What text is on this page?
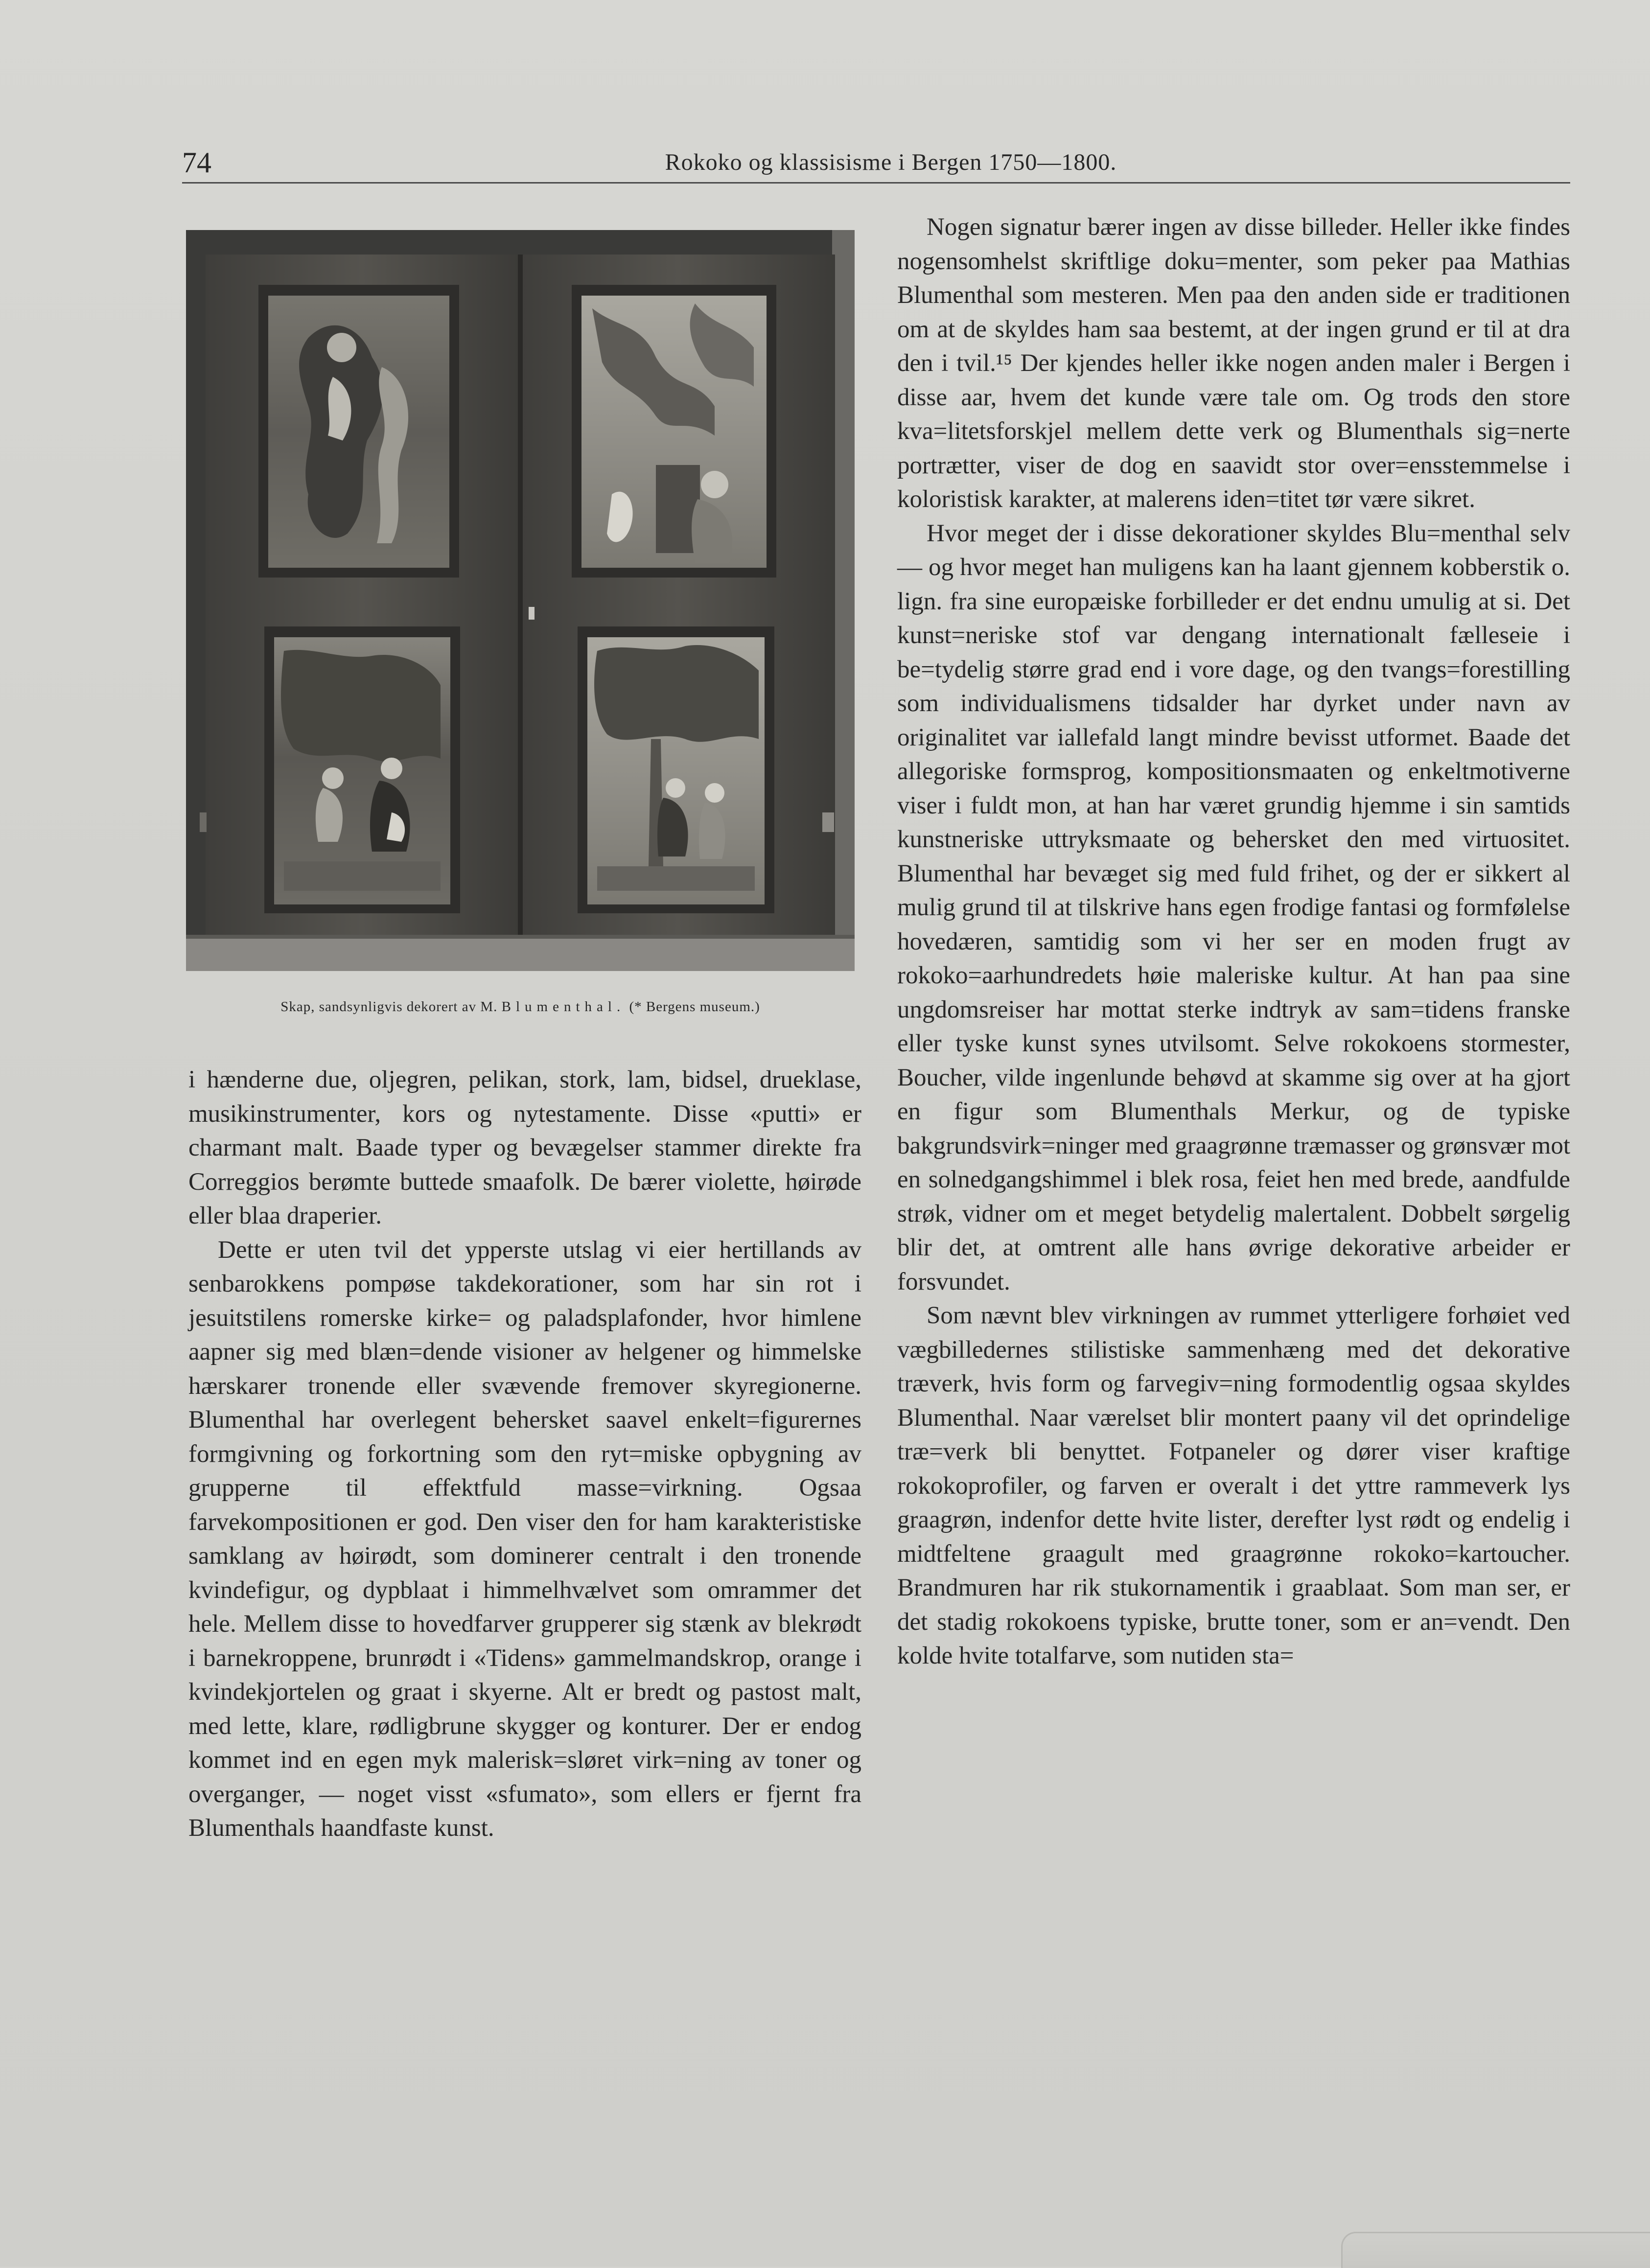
74	Rokoko og klassisisme i Bergen 1750—1800.
Skap, sandsynligvis dekorert av M. Blumenthal. (* Bergens museum.)

i hænderne due, oljegren, pelikan, stork, lam, bidsel, drueklase, musikinstrumenter, kors og nytestamente. Disse «putti» er charmant malt. Baade typer og bevægelser stammer direkte fra Correggios berømte buttede smaafolk. De bærer violette, høirøde eller blaa draperier.

Dette er uten tvil det ypperste utslag vi eier hertillands av senbarokkens pompøse takdekorationer, som har sin rot i jesuitstilens romerske kirke= og paladsplafonder, hvor himlene aapner sig med blæn=dende visioner av helgener og himmelske hærskarer tronende eller svævende fremover skyregionerne. Blumenthal har overlegent behersket saavel enkelt=figurernes formgivning og forkortning som den ryt=miske opbygning av grupperne til effektfuld masse=virkning. Ogsaa farvekompositionen er god. Den viser den for ham karakteristiske samklang av høirødt, som dominerer centralt i den tronende kvindefigur, og dypblaat i himmelhvælvet som omrammer det hele. Mellem disse to hovedfarver grupperer sig stænk av blekrødt i barnekroppene, brunrødt i «Tidens» gammelmandskrop, orange i kvindekjortelen og graat i skyerne. Alt er bredt og pastost malt, med lette, klare, rødligbrune skygger og konturer. Der er endog kommet ind en egen myk malerisk=sløret virk=ning av toner og overganger, — noget visst «sfumato», som ellers er fjernt fra Blumenthals haandfaste kunst.

Nogen signatur bærer ingen av disse billeder. Heller ikke findes nogensomhelst skriftlige doku=menter, som peker paa Mathias Blumenthal som mesteren. Men paa den anden side er traditionen om at de skyldes ham saa bestemt, at der ingen grund er til at dra den i tvil.¹⁵ Der kjendes heller ikke nogen anden maler i Bergen i disse aar, hvem det kunde være tale om. Og trods den store kva=litetsforskjel mellem dette verk og Blumenthals sig=nerte portrætter, viser de dog en saavidt stor over=ensstemmelse i koloristisk karakter, at malerens iden=titet tør være sikret.

Hvor meget der i disse dekorationer skyldes Blu=menthal selv — og hvor meget han muligens kan ha laant gjennem kobberstik o. lign. fra sine europæiske forbilleder er det endnu umulig at si. Det kunst=neriske stof var dengang internationalt fælleseie i be=tydelig større grad end i vore dage, og den tvangs=forestilling som individualismens tidsalder har dyrket under navn av originalitet var iallefald langt mindre bevisst utformet. Baade det allegoriske formsprog, kompositionsmaaten og enkeltmotiverne viser i fuldt mon, at han har været grundig hjemme i sin samtids kunstneriske uttryksmaate og behersket den med virtuositet. Blumenthal har bevæget sig med fuld frihet, og der er sikkert al mulig grund til at tilskrive hans egen frodige fantasi og formfølelse hovedæren, samtidig som vi her ser en moden frugt av rokoko=aarhundredets høie maleriske kultur. At han paa sine ungdomsreiser har mottat sterke indtryk av sam=tidens franske eller tyske kunst synes utvilsomt. Selve rokokoens stormester, Boucher, vilde ingenlunde behøvd at skamme sig over at ha gjort en figur som Blumenthals Merkur, og de typiske bakgrundsvirk=ninger med graagrønne træmasser og grønsvær mot en solnedgangshimmel i blek rosa, feiet hen med brede, aandfulde strøk, vidner om et meget betydelig malertalent. Dobbelt sørgelig blir det, at omtrent alle hans øvrige dekorative arbeider er forsvundet.

Som nævnt blev virkningen av rummet ytterligere forhøiet ved vægbilledernes stilistiske sammenhæng med det dekorative træverk, hvis form og farvegiv=ning formodentlig ogsaa skyldes Blumenthal. Naar værelset blir montert paany vil det oprindelige træ=verk bli benyttet. Fotpaneler og dører viser kraftige rokokoprofiler, og farven er overalt i det yttre rammeverk lys graagrøn, indenfor dette hvite lister, derefter lyst rødt og endelig i midtfeltene graagult med graagrønne rokoko=kartoucher. Brandmuren har rik stukornamentik i graablaat. Som man ser, er det stadig rokokoens typiske, brutte toner, som er an=vendt. Den kolde hvite totalfarve, som nutiden sta=
